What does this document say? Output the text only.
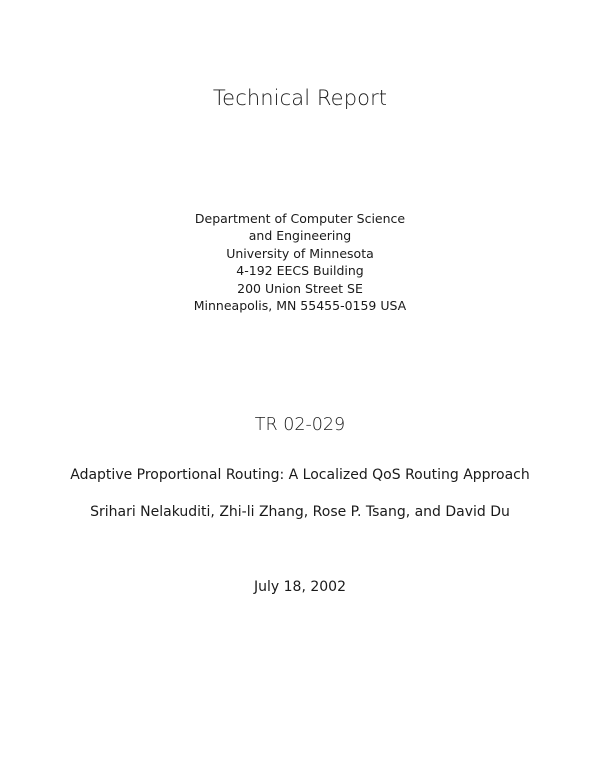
Technical Report
Department of Computer Science
and Engineering
University of Minnesota
4-192 EECS Building
200 Union Street SE
Minneapolis, MN 55455-0159 USA
TR 02-029
Adaptive Proportional Routing: A Localized QoS Routing Approach
Srihari Nelakuditi, Zhi-li Zhang, Rose P. Tsang, and David Du
July 18, 2002
